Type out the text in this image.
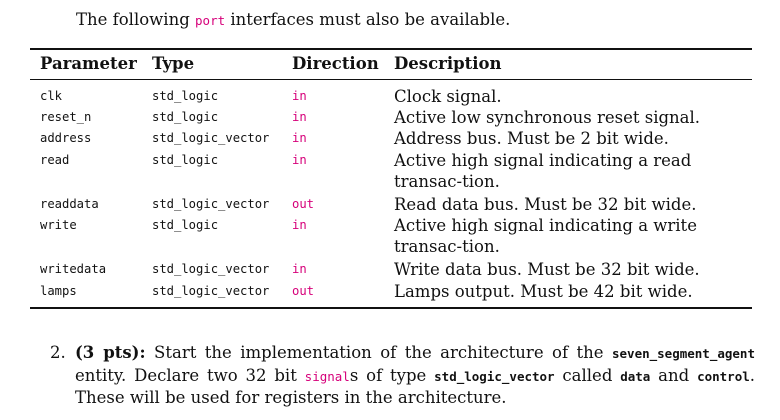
The following port interfaces must also be available.
Parameter Type	Direction Description
clk	std_logic	in	Clock signal.
reset_n	std_logic	in	Active low synchronous reset signal.
address	std_logic_vector in	Address bus. Must be 2 bit wide.
read	std_logic	in	Active high signal indicating a read transac-tion.
readdata	std_logic_vector out	Read data bus. Must be 32 bit wide.
write	std_logic	in	Active high signal indicating a write transac-tion.
writedata	std_logic_vector in	Write data bus. Must be 32 bit wide.
lamps	std_logic_vector out	Lamps output. Must be 42 bit wide.
2. (3 pts): Start the implementation of the architecture of the seven_segment_agent entity. Declare two 32 bit signals of type std_logic_vector called data and control. These will be used for registers in the architecture.
